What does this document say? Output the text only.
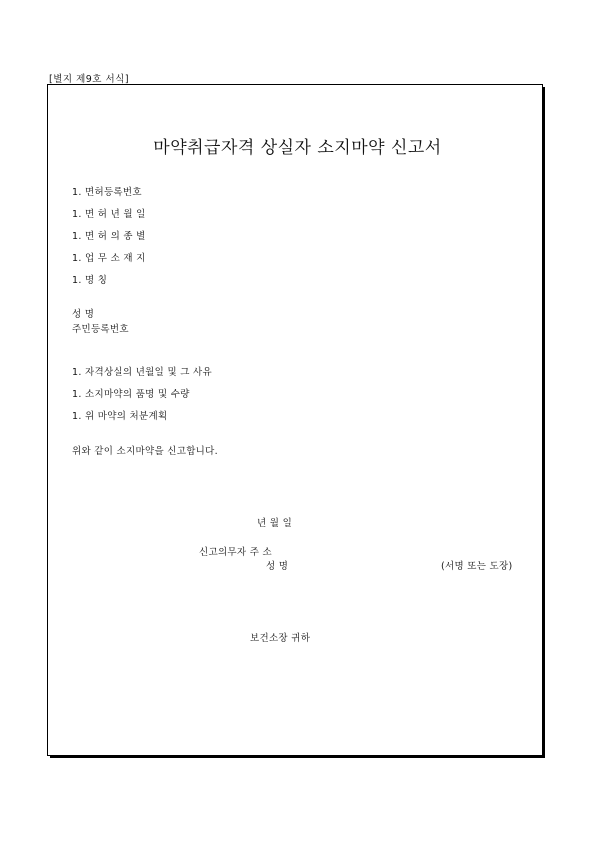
[별지 제9호 서식]
마약취급자격 상실자 소지마약 신고서
1. 면허등록번호
1. 면 허 년 월 일
1. 면 허 의 종 별
1. 업 무 소 재 지
1. 명 칭
성 명
주민등록번호
1. 자격상실의 년월일 및 그 사유
1. 소지마약의 품명 및 수량
1. 위 마약의 처분계획
위와 같이 소지마약을 신고합니다.
년 월 일
신고의무자 주 소
성 명	(서명 또는 도장)
보건소장 귀하
